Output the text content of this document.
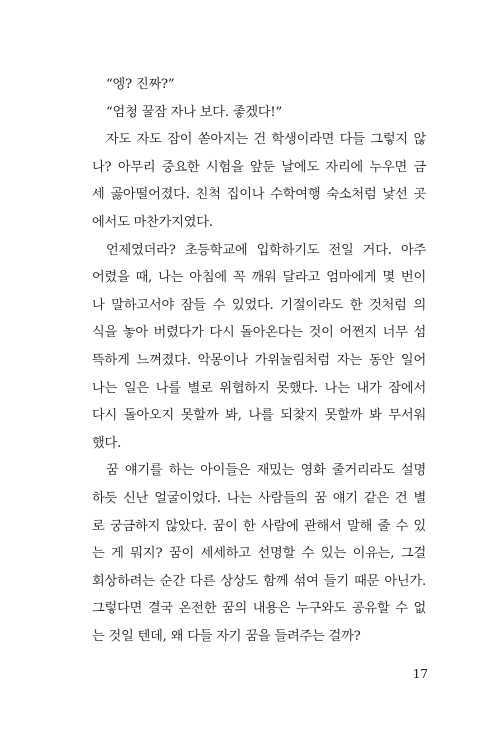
“엥? 진짜?”
“엄청 꿀잠 자나 보다. 좋겠다!”
자도 자도 잠이 쏟아지는 건 학생이라면 다들 그렇지 않
나? 아무리 중요한 시험을 앞둔 날에도 자리에 누우면 금
세 곯아떨어졌다. 친척 집이나 수학여행 숙소처럼 낯선 곳
에서도 마찬가지였다.
언제였더라? 초등학교에 입학하기도 전일 거다. 아주
어렸을 때, 나는 아침에 꼭 깨워 달라고 엄마에게 몇 번이
나 말하고서야 잠들 수 있었다. 기절이라도 한 것처럼 의
식을 놓아 버렸다가 다시 돌아온다는 것이 어쩐지 너무 섬
뜩하게 느껴졌다. 악몽이나 가위눌림처럼 자는 동안 일어
나는 일은 나를 별로 위협하지 못했다. 나는 내가 잠에서
다시 돌아오지 못할까 봐, 나를 되찾지 못할까 봐 무서워
했다.
꿈 얘기를 하는 아이들은 재밌는 영화 줄거리라도 설명
하듯 신난 얼굴이었다. 나는 사람들의 꿈 얘기 같은 건 별
로 궁금하지 않았다. 꿈이 한 사람에 관해서 말해 줄 수 있
는 게 뭐지? 꿈이 세세하고 선명할 수 있는 이유는, 그걸
회상하려는 순간 다른 상상도 함께 섞여 들기 때문 아닌가.
그렇다면 결국 온전한 꿈의 내용은 누구와도 공유할 수 없
는 것일 텐데, 왜 다들 자기 꿈을 들려주는 걸까?
17
